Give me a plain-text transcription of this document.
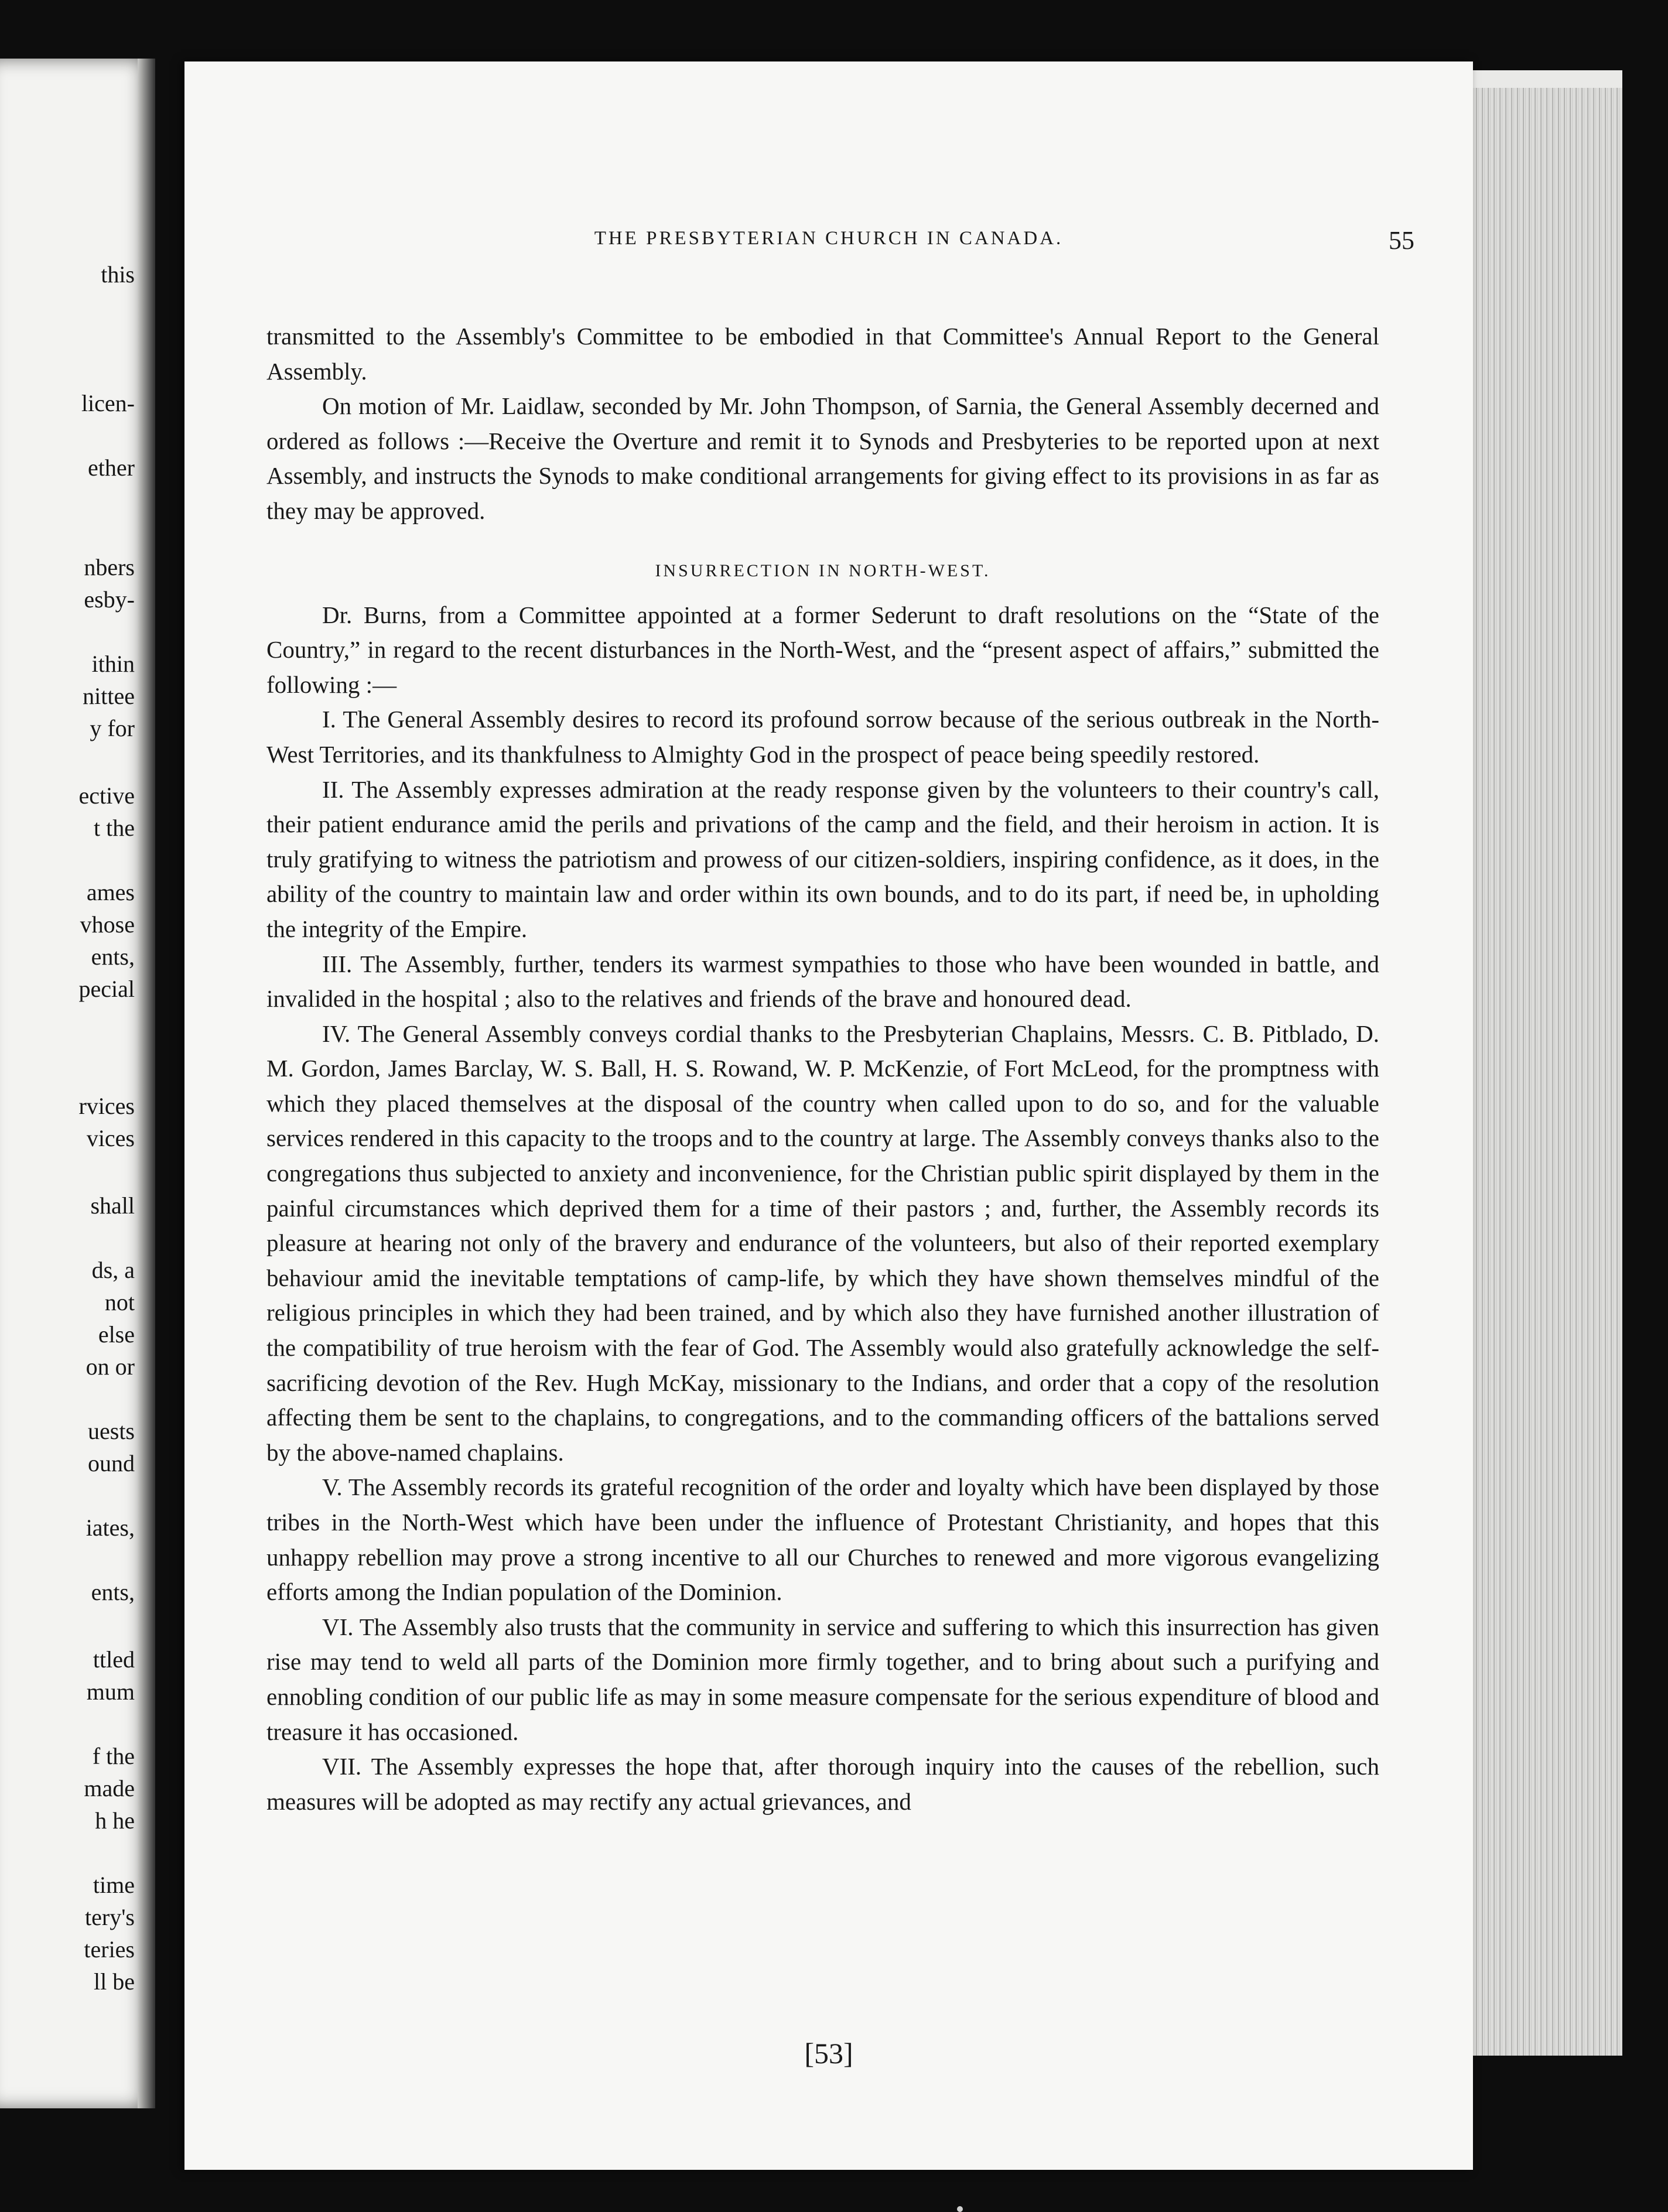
this
licen-
ether
nbers
esby-
ithin
nittee
y for
ective
t the
ames
vhose
ents,
pecial
rvices
vices
shall
ds, a
not
else
on or
uests
ound
iates,
ents,
ttled
mum
f the
made
h he
time
tery's
teries
ll be
THE PRESBYTERIAN CHURCH IN CANADA.	55

transmitted to the Assembly's Committee to be embodied in that Committee's Annual Report to the General Assembly.

On motion of Mr. Laidlaw, seconded by Mr. John Thompson, of Sarnia, the General Assembly decerned and ordered as follows :—Receive the Overture and remit it to Synods and Presbyteries to be reported upon at next Assembly, and instructs the Synods to make conditional arrangements for giving effect to its provisions in as far as they may be approved.

INSURRECTION IN NORTH-WEST.

Dr. Burns, from a Committee appointed at a former Sederunt to draft resolutions on the “State of the Country,” in regard to the recent disturbances in the North-West, and the “present aspect of affairs,” submitted the following :—

I. The General Assembly desires to record its profound sorrow because of the serious outbreak in the North-West Territories, and its thankfulness to Almighty God in the prospect of peace being speedily restored.

II. The Assembly expresses admiration at the ready response given by the volunteers to their country's call, their patient endurance amid the perils and privations of the camp and the field, and their heroism in action. It is truly gratifying to witness the patriotism and prowess of our citizen-soldiers, inspiring confidence, as it does, in the ability of the country to maintain law and order within its own bounds, and to do its part, if need be, in upholding the integrity of the Empire.

III. The Assembly, further, tenders its warmest sympathies to those who have been wounded in battle, and invalided in the hospital ; also to the relatives and friends of the brave and honoured dead.

IV. The General Assembly conveys cordial thanks to the Presbyterian Chaplains, Messrs. C. B. Pitblado, D. M. Gordon, James Barclay, W. S. Ball, H. S. Rowand, W. P. McKenzie, of Fort McLeod, for the promptness with which they placed themselves at the disposal of the country when called upon to do so, and for the valuable services rendered in this capacity to the troops and to the country at large. The Assembly conveys thanks also to the congregations thus subjected to anxiety and inconvenience, for the Christian public spirit displayed by them in the painful circumstances which deprived them for a time of their pastors ; and, further, the Assembly records its pleasure at hearing not only of the bravery and endurance of the volunteers, but also of their reported exemplary behaviour amid the inevitable temptations of camp-life, by which they have shown themselves mindful of the religious principles in which they had been trained, and by which also they have furnished another illustration of the compatibility of true heroism with the fear of God. The Assembly would also gratefully acknowledge the self-sacrificing devotion of the Rev. Hugh McKay, missionary to the Indians, and order that a copy of the resolution affecting them be sent to the chaplains, to congregations, and to the commanding officers of the battalions served by the above-named chaplains.

V. The Assembly records its grateful recognition of the order and loyalty which have been displayed by those tribes in the North-West which have been under the influence of Protestant Christianity, and hopes that this unhappy rebellion may prove a strong incentive to all our Churches to renewed and more vigorous evangelizing efforts among the Indian population of the Dominion.

VI. The Assembly also trusts that the community in service and suffering to which this insurrection has given rise may tend to weld all parts of the Dominion more firmly together, and to bring about such a purifying and ennobling condition of our public life as may in some measure compensate for the serious expenditure of blood and treasure it has occasioned.

VII. The Assembly expresses the hope that, after thorough inquiry into the causes of the rebellion, such measures will be adopted as may rectify any actual grievances, and

[53]
